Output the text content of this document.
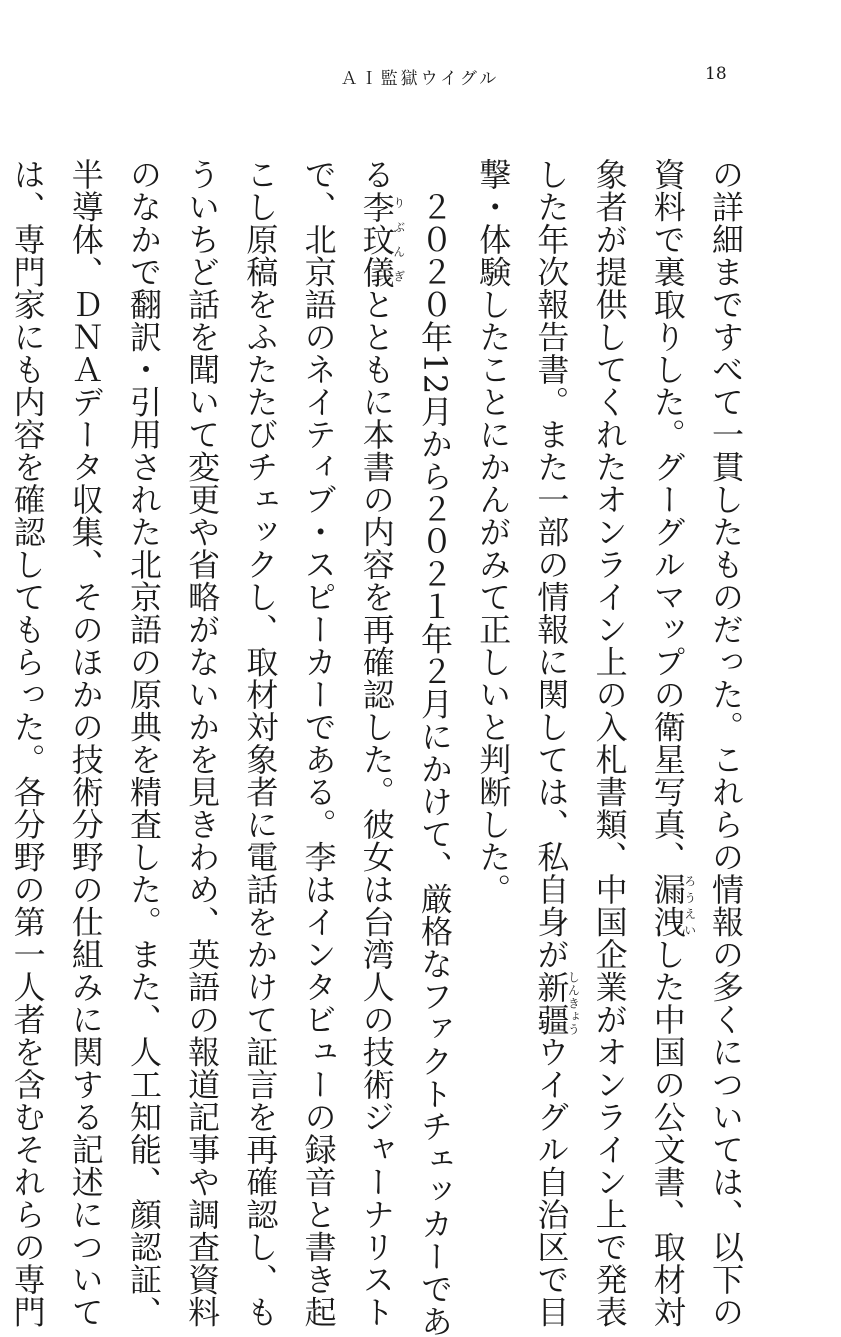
ＡＩ監獄ウイグル	18
の詳細まですべて一貫したものだった。これらの情報の多くについては、以下の
資料で裏取りした。グーグルマップの衛星写真、漏洩ろうえいした中国の公文書、取材対
象者が提供してくれたオンライン上の入札書類、中国企業がオンライン上で発表
した年次報告書。また一部の情報に関しては、私自身が新疆しんきょうウイグル自治区で目
撃・体験したことにかんがみて正しいと判断した。
　２０２０年12月から２０２１年２月にかけて、厳格なファクトチェッカーであ
る李玟儀りぶんぎとともに本書の内容を再確認した。彼女は台湾人の技術ジャーナリスト
で、北京語のネイティブ・スピーカーである。李はインタビューの録音と書き起
こし原稿をふたたびチェックし、取材対象者に電話をかけて証言を再確認し、も
ういちど話を聞いて変更や省略がないかを見きわめ、英語の報道記事や調査資料
のなかで翻訳・引用された北京語の原典を精査した。また、人工知能、顔認証、
半導体、ＤＮＡデータ収集、そのほかの技術分野の仕組みに関する記述について
は、専門家にも内容を確認してもらった。各分野の第一人者を含むそれらの専門
